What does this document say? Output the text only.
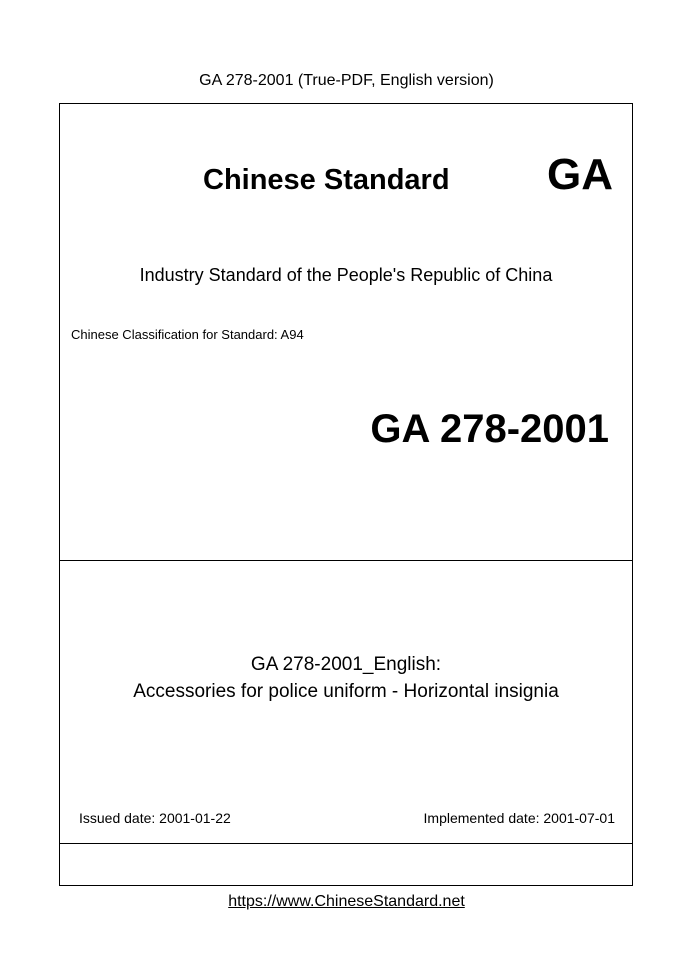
GA 278-2001 (True-PDF, English version)
Chinese Standard GA
Industry Standard of the People's Republic of China
Chinese Classification for Standard: A94
GA 278-2001
GA 278-2001_English:
Accessories for police uniform - Horizontal insignia
Issued date: 2001-01-22	Implemented date: 2001-07-01
https://www.ChineseStandard.net
